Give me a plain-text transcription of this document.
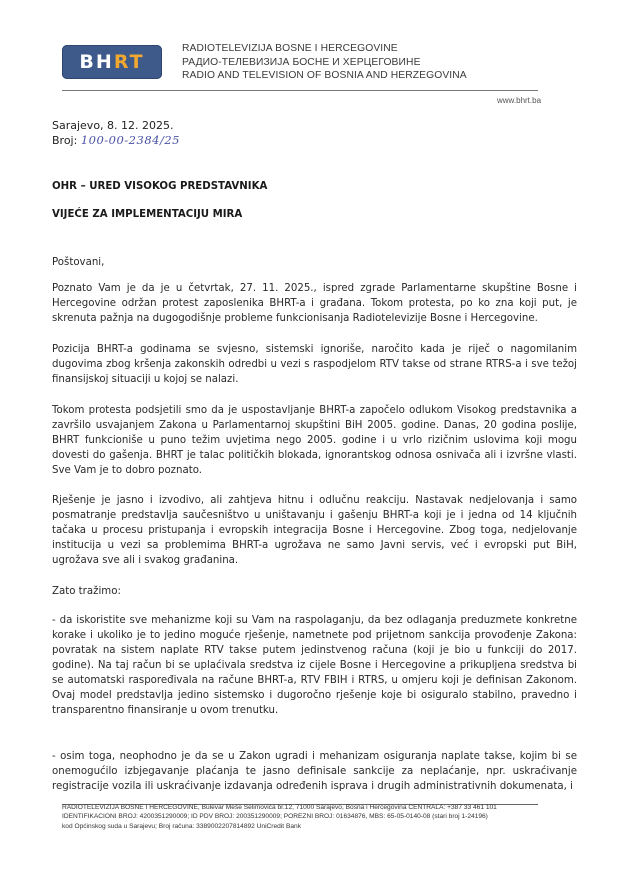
BH RT
RADIOTELEVIZIJA BOSNE I HERCEGOVINE
РАДИО-ТЕЛЕВИЗИЈА БОСНЕ И ХЕРЦЕГОВИНЕ
RADIO AND TELEVISION OF BOSNIA AND HERZEGOVINA
www.bhrt.ba
Sarajevo, 8. 12. 2025.
Broj: 100-00-2384/25
OHR – URED VISOKOG PREDSTAVNIKA
VIJEĆE ZA IMPLEMENTACIJU MIRA

Poštovani,

Poznato Vam je da je u četvrtak, 27. 11. 2025., ispred zgrade Parlamentarne skupštine Bosne i Hercegovine održan protest zaposlenika BHRT-a i građana. Tokom protesta, po ko zna koji put, je skrenuta pažnja na dugogodišnje probleme funkcionisanja Radiotelevizije Bosne i Hercegovine.

Pozicija BHRT-a godinama se svjesno, sistemski ignoriše, naročito kada je riječ o nagomilanim dugovima zbog kršenja zakonskih odredbi u vezi s raspodjelom RTV takse od strane RTRS-a i sve težoj finansijskoj situaciji u kojoj se nalazi.

Tokom protesta podsjetili smo da je uspostavljanje BHRT-a započelo odlukom Visokog predstavnika a završilo usvajanjem Zakona u Parlamentarnoj skupštini BiH 2005. godine. Danas, 20 godina poslije, BHRT funkcioniše u puno težim uvjetima nego 2005. godine i u vrlo rizičnim uslovima koji mogu dovesti do gašenja. BHRT je talac političkih blokada, ignorantskog odnosa osnivača ali i izvršne vlasti. Sve Vam je to dobro poznato.

Rješenje je jasno i izvodivo, ali zahtjeva hitnu i odlučnu reakciju. Nastavak nedjelovanja i samo posmatranje predstavlja saučesništvo u uništavanju i gašenju BHRT-a koji je i jedna od 14 ključnih tačaka u procesu pristupanja i evropskih integracija Bosne i Hercegovine. Zbog toga, nedjelovanje institucija u vezi sa problemima BHRT-a ugrožava ne samo Javni servis, već i evropski put BiH, ugrožava sve ali i svakog građanina.

Zato tražimo:

- da iskoristite sve mehanizme koji su Vam na raspolaganju, da bez odlaganja preduzmete konkretne korake i ukoliko je to jedino moguće rješenje, nametnete pod prijetnom sankcija provođenje Zakona: povratak na sistem naplate RTV takse putem jedinstvenog računa (koji je bio u funkciji do 2017. godine). Na taj račun bi se uplaćivala sredstva iz cijele Bosne i Hercegovine a prikupljena sredstva bi se automatski raspoređivala na račune BHRT-a, RTV FBIH i RTRS, u omjeru koji je definisan Zakonom. Ovaj model predstavlja jedino sistemsko i dugoročno rješenje koje bi osiguralo stabilno, pravedno i transparentno finansiranje u ovom trenutku.

- osim toga, neophodno je da se u Zakon ugradi i mehanizam osiguranja naplate takse, kojim bi se onemogućilo izbjegavanje plaćanja te jasno definisale sankcije za neplaćanje, npr. uskraćivanje registracije vozila ili uskraćivanje izdavanja određenih isprava i drugih administrativnih dokumenata, i

RADIOTELEVIZIJA BOSNE I HERCEGOVINE, Bulevar Meše Selimovića br.12, 71000 Sarajevo, Bosna i Hercegovina CENTRALA: +387 33 461 101
IDENTIFIKACIONI BROJ: 4200351290009; ID PDV BROJ: 200351290009; POREZNI BROJ: 01634876, MBS: 65-05-0140-08 (stari broj 1-24196)
kod Općinskog suda u Sarajevu; Broj računa: 3389002207814892 UniCredit Bank
